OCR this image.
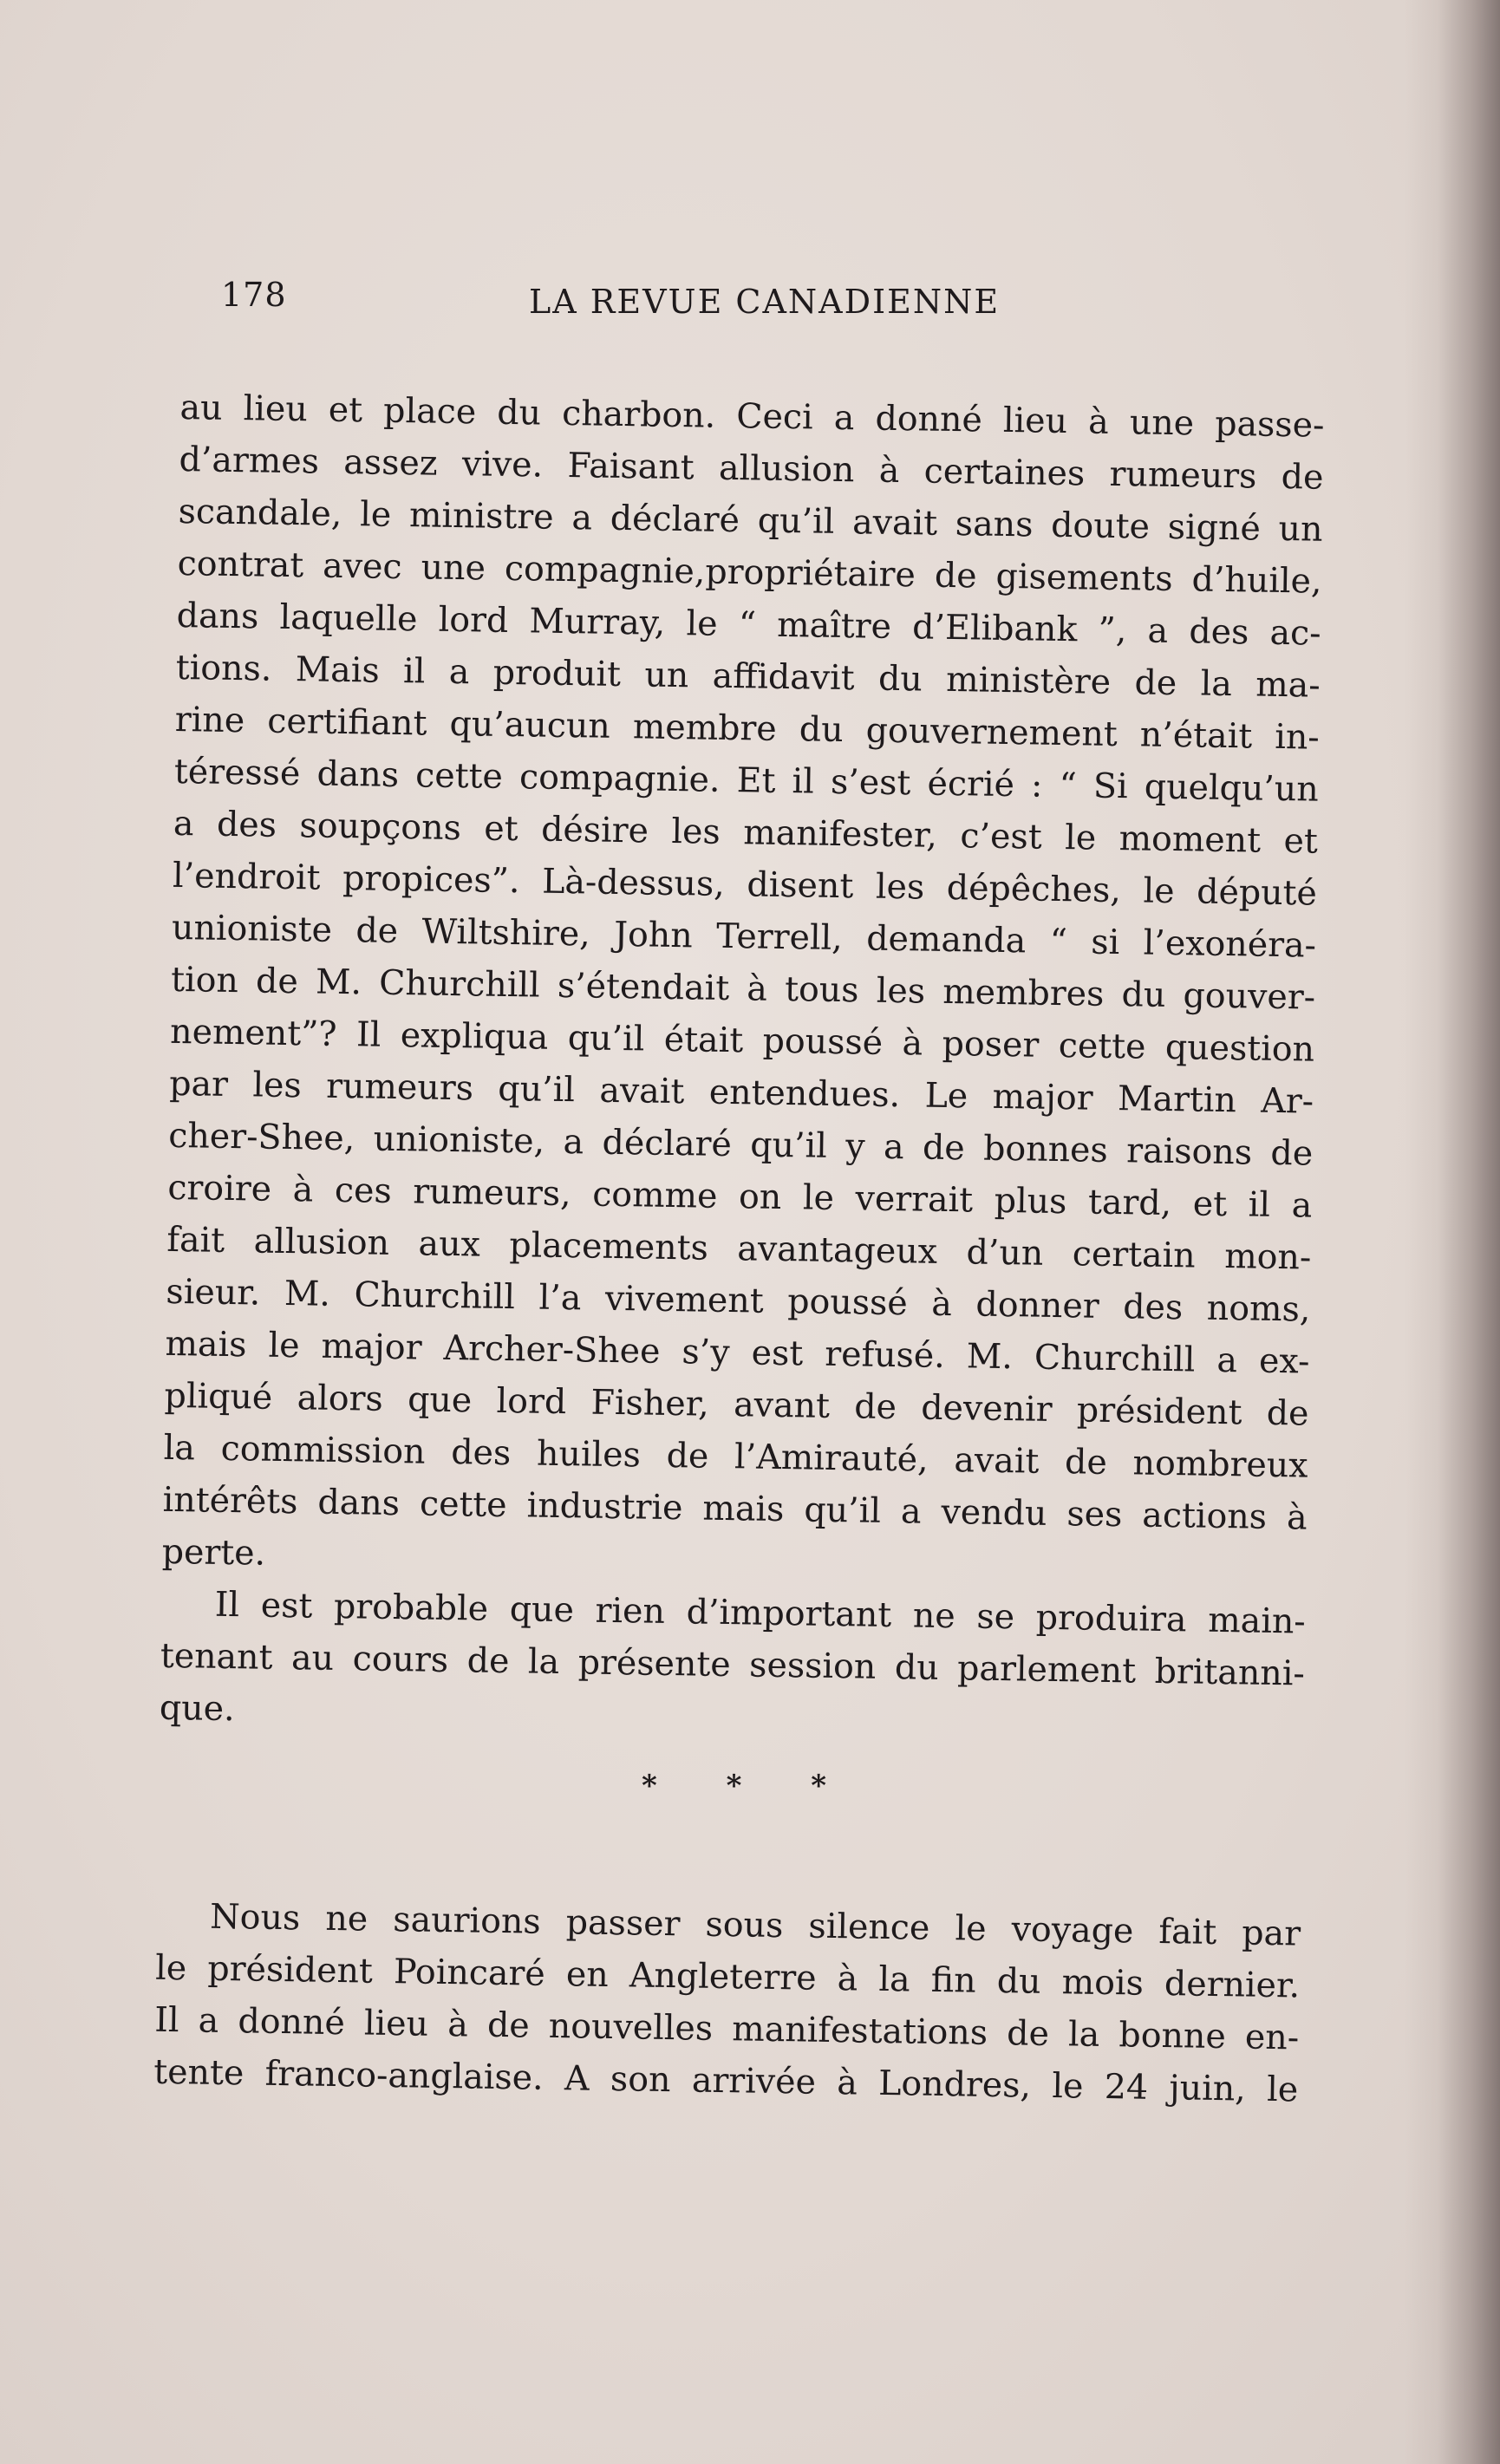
178	LA REVUE CANADIENNE
au lieu et place du charbon. Ceci a donné lieu à une passe-
d’armes assez vive. Faisant allusion à certaines rumeurs de
scandale, le ministre a déclaré qu’il avait sans doute signé un
contrat avec une compagnie,propriétaire de gisements d’huile,
dans laquelle lord Murray, le “ maître d’Elibank ”, a des ac-
tions. Mais il a produit un affidavit du ministère de la ma-
rine certifiant qu’aucun membre du gouvernement n’était in-
téressé dans cette compagnie. Et il s’est écrié : “ Si quelqu’un
a des soupçons et désire les manifester, c’est le moment et
l’endroit propices”. Là-dessus, disent les dépêches, le député
unioniste de Wiltshire, John Terrell, demanda “ si l’exonéra-
tion de M. Churchill s’étendait à tous les membres du gouver-
nement”? Il expliqua qu’il était poussé à poser cette question
par les rumeurs qu’il avait entendues. Le major Martin Ar-
cher-Shee, unioniste, a déclaré qu’il y a de bonnes raisons de
croire à ces rumeurs, comme on le verrait plus tard, et il a
fait allusion aux placements avantageux d’un certain mon-
sieur. M. Churchill l’a vivement poussé à donner des noms,
mais le major Archer-Shee s’y est refusé. M. Churchill a ex-
pliqué alors que lord Fisher, avant de devenir président de
la commission des huiles de l’Amirauté, avait de nombreux
intérêts dans cette industrie mais qu’il a vendu ses actions à
perte.
Il est probable que rien d’important ne se produira main-
tenant au cours de la présente session du parlement britanni-
que.
Nous ne saurions passer sous silence le voyage fait par
le président Poincaré en Angleterre à la fin du mois dernier.
Il a donné lieu à de nouvelles manifestations de la bonne en-
tente franco-anglaise. A son arrivée à Londres, le 24 juin, le
* * *
